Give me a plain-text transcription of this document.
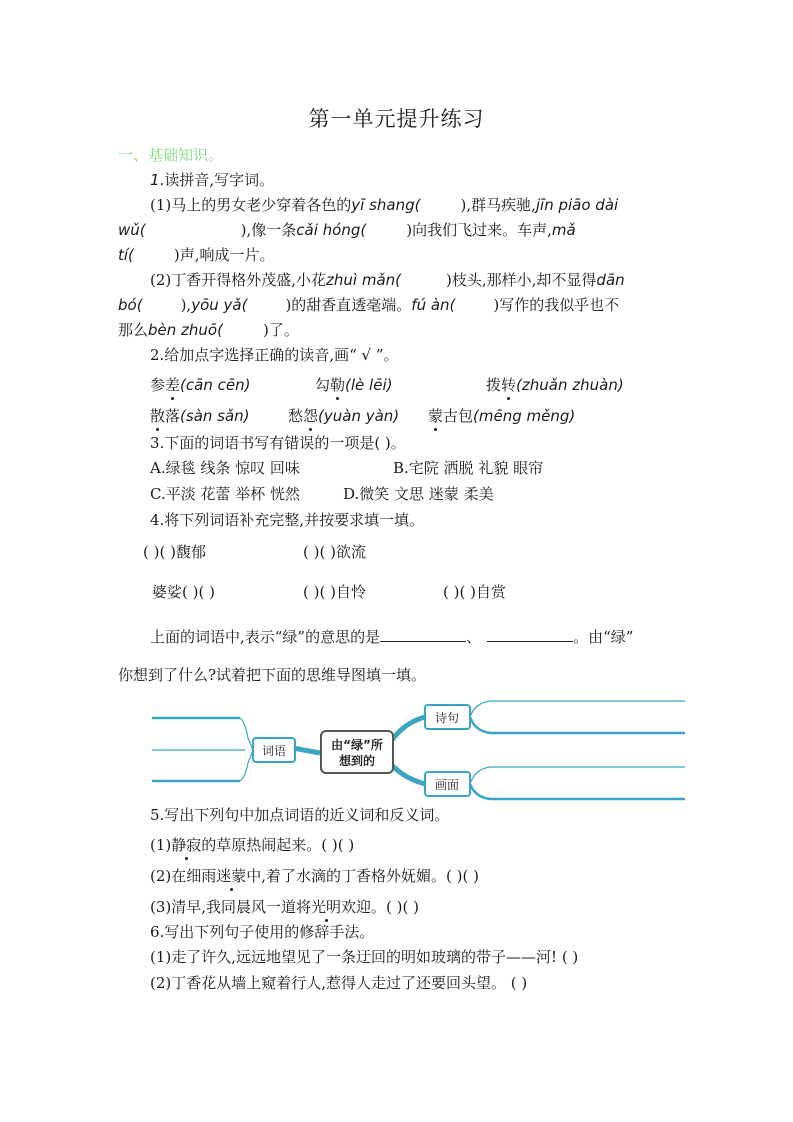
第一单元提升练习
一、基础知识。
1.读拼音,写字词。
(1)马上的男女老少穿着各色的yī shang(	),群马疾驰,jīn piāo dài
wǔ(	),像一条cǎi hóng(	)向我们飞过来。车声,mǎ
tí(	)声,响成一片。
(2)丁香开得格外茂盛,小花zhuì mǎn(	)枝头,那样小,却不显得dān
bó(	),yōu yǎ(	)的甜香直透毫端。fú àn(	)写作的我似乎也不
那么bèn zhuō(	)了。
2.给加点字选择正确的读音,画“ √ ”。
参差(cān cēn)	勾勒(lè lēi)	拨转(zhuǎn zhuàn)
散落(sàn sǎn)	愁怨(yuàn yàn) 蒙古包(mēng měng)
3.下面的词语书写有错误的一项是( )。
A.绿毯 线条 惊叹 回味	B.宅院 洒脱 礼貌 眼帘
C.平淡 花蕾 举杯 恍然	D.微笑 文思 迷蒙 柔美
4.将下列词语补充完整,并按要求填一填。
( )( )馥郁	( )( )欲流
婆娑( )( )	( )( )自怜	( )( )自赏
上面的词语中,表示“绿”的意思的是	、	。由“绿”
你想到了什么?试着把下面的思维导图填一填。
词语	由“绿”所
想到的
诗句
画面
5.写出下列句中加点词语的近义词和反义词。
(1)静寂的草原热闹起来。( )( )
(2)在细雨迷蒙中,着了水滴的丁香格外妩媚。( )( )
(3)清早,我同晨风一道将光明欢迎。( )( )
6.写出下列句子使用的修辞手法。
(1)走了许久,远远地望见了一条迂回的明如玻璃的带子——河! ( )
(2)丁香花从墙上窥着行人,惹得人走过了还要回头望。 ( )
